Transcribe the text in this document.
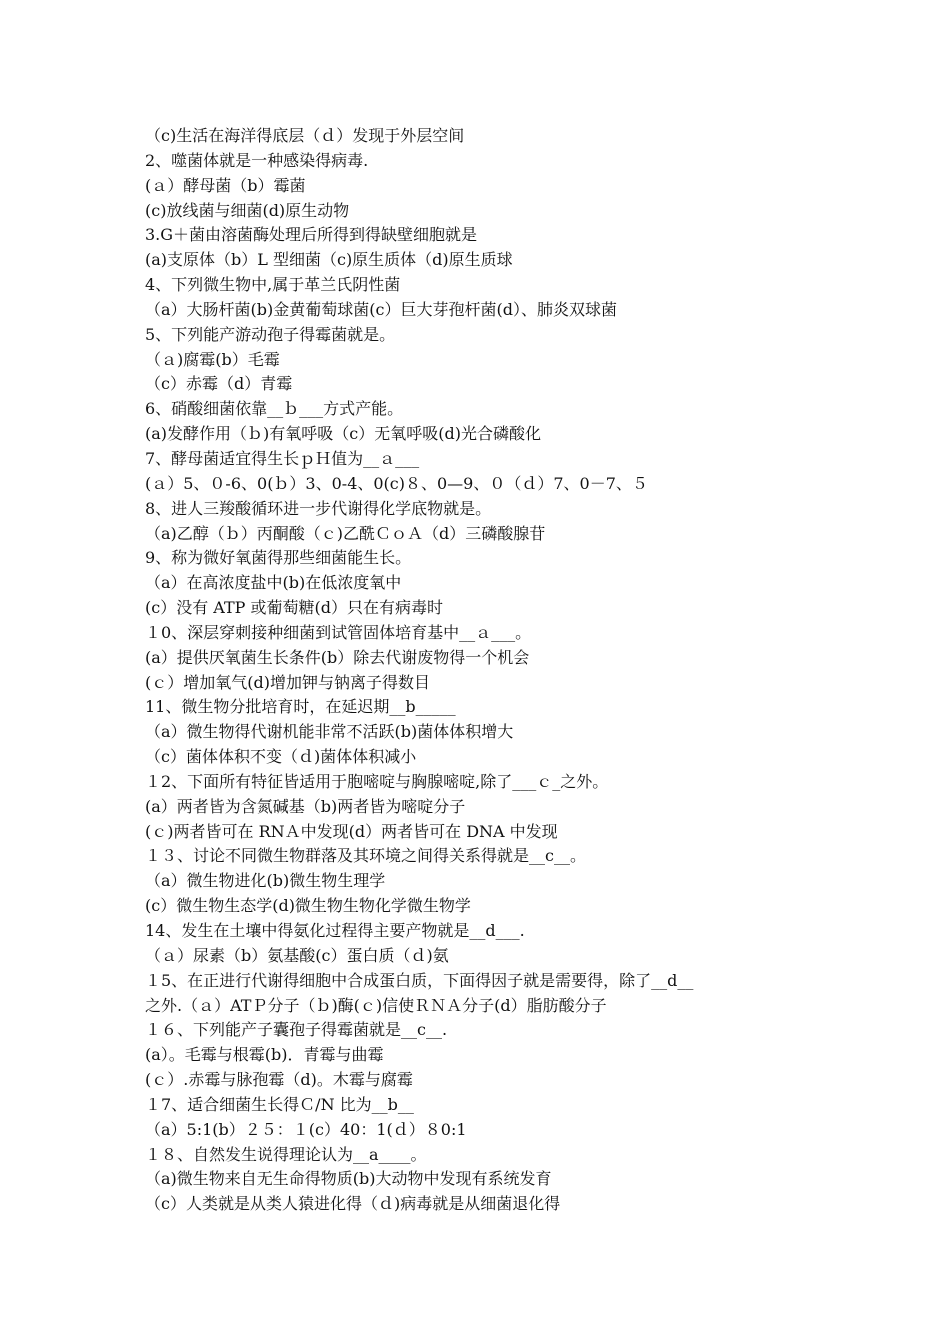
（c)生活在海洋得底层（ｄ）发现于外层空间
2、噬菌体就是一种感染得病毒.
(ａ）酵母菌（b）霉菌
(c)放线菌与细菌(d)原生动物
3.G＋菌由溶菌酶处理后所得到得缺壁细胞就是
(a)支原体（b）L 型细菌（c)原生质体（d)原生质球
4、下列微生物中,属于革兰氏阴性菌
（a）大肠杆菌(b)金黄葡萄球菌(c）巨大芽孢杆菌(d）、肺炎双球菌
5、下列能产游动孢子得霉菌就是。
（ａ)腐霉(b）毛霉
（c）赤霉（d）青霉
6、硝酸细菌依靠__ｂ___方式产能。
(a)发酵作用（ｂ)有氧呼吸（c）无氧呼吸(d)光合磷酸化
7、酵母菌适宜得生长ｐＨ值为__ａ___
(ａ）5、０-6、0(ｂ）3、0-4、0(c)８、0—9、０（ｄ）7、0－7、５
8、进人三羧酸循环进一步代谢得化学底物就是。
（a)乙醇（ｂ）丙酮酸（ｃ)乙酰ＣｏＡ（d）三磷酸腺苷
9、称为微好氧菌得那些细菌能生长。
（a）在高浓度盐中(b)在低浓度氧中
(c）没有 ATP 或葡萄糖(d）只在有病毒时
１0、深层穿刺接种细菌到试管固体培育基中__ａ___。
(a）提供厌氧菌生长条件(b）除去代谢废物得一个机会
(ｃ）增加氧气(d)增加钾与钠离子得数目
11、微生物分批培育时，在延迟期__b_____
（a）微生物得代谢机能非常不活跃(b)菌体体积增大
（c）菌体体积不变（ｄ)菌体体积减小
１2、下面所有特征皆适用于胞嘧啶与胸腺嘧啶,除了___ｃ_之外。
(a）两者皆为含氮碱基（b)两者皆为嘧啶分子
(ｃ)两者皆可在 RNＡ中发现(d）两者皆可在 DNA 中发现
１３、讨论不同微生物群落及其环境之间得关系得就是__c__。
（a）微生物进化(b)微生物生理学
(c）微生物生态学(d)微生物生物化学微生物学
14、发生在土壤中得氨化过程得主要产物就是__d___.
（ａ）尿素（b）氨基酸(c）蛋白质（ｄ)氨
１5、在正进行代谢得细胞中合成蛋白质，下面得因子就是需要得，除了__d__
之外.（ａ）ATＰ分子（ｂ)酶(ｃ)信使ＲＮＡ分子(d）脂肪酸分子
１６、下列能产子囊孢子得霉菌就是__c__.
(a）。毛霉与根霉(b)．青霉与曲霉
(ｃ）.赤霉与脉孢霉（d)。木霉与腐霉
１7、适合细菌生长得Ｃ/N 比为__b__
（a）5:1(b）２５：１(c）40：1(ｄ）８0:1
１８、自然发生说得理论认为__a____。
（a)微生物来自无生命得物质(b)大动物中发现有系统发育
（c）人类就是从类人猿进化得（ｄ)病毒就是从细菌退化得
